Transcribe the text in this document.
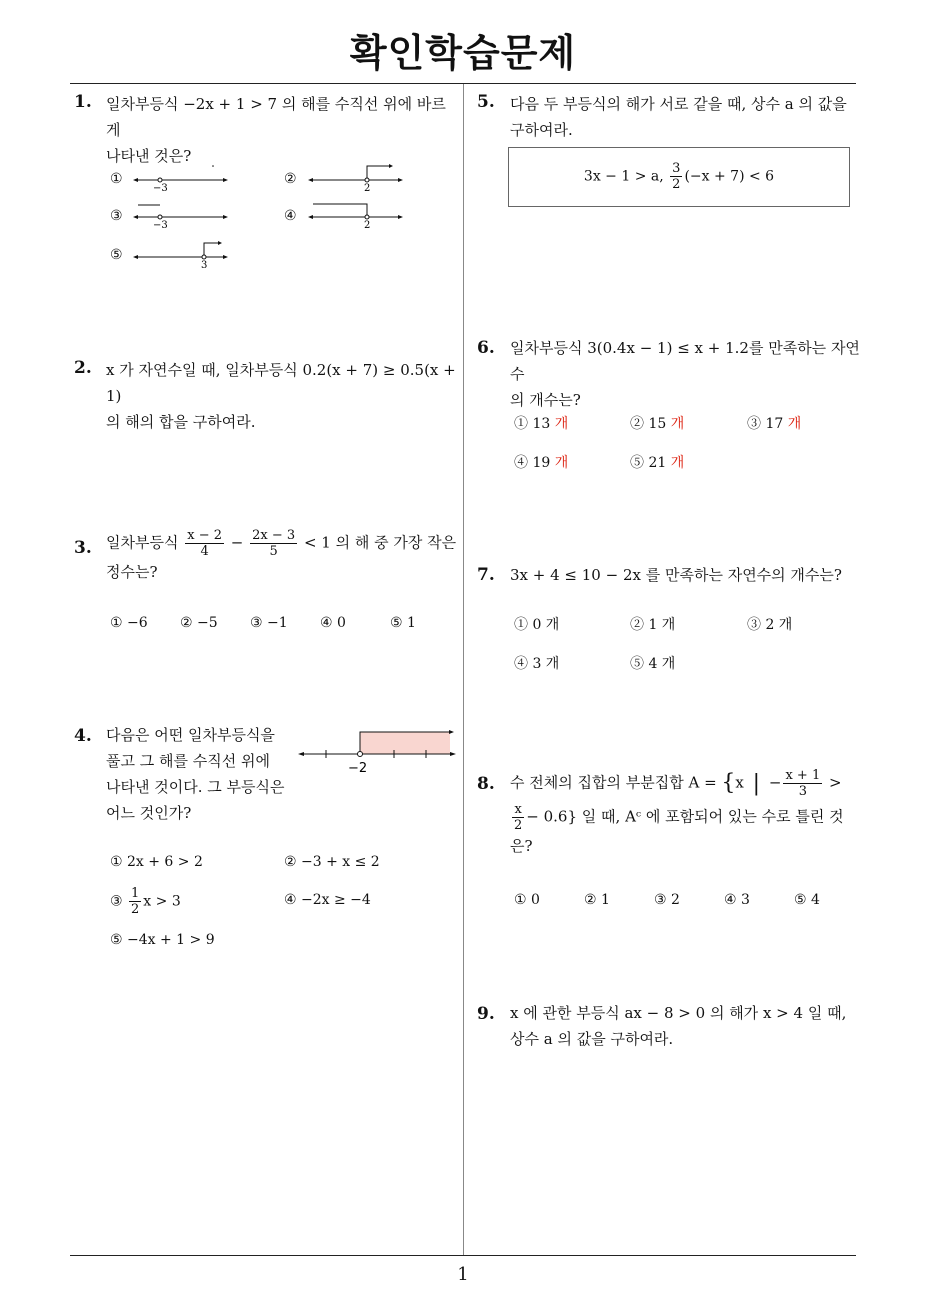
확인학습문제
1
1. 일차부등식 −2x + 1 > 7 의 해를 수직선 위에 바르게
나타낸 것은?
①	②
③	④
⑤
−3	2
−3	2
3
2. x 가 자연수일 때, 일차부등식 0.2(x + 7) ≥ 0.5(x + 1)
의 해의 합을 구하여라.
3. 일차부등식 $\frac{x - 2}{4} - \frac{2x - 3}{5} < 1$ 의 해 중 가장 작은
정수는?
① −6 ② −5 ③ −1 ④ 0	⑤ 1
4. 다음은 어떤 일차부등식을
풀고 그 해를 수직선 위에
나타낸 것이다. 그 부등식은
어느 것인가?
−2
① 2x + 6 > 2	② −3 + x ≤ 2
③ $\frac{1}{2}$ x > 3	④ −2x ≥ −4
⑤ −4x + 1 > 9
5. 다음 두 부등식의 해가 서로 같을 때, 상수 a 의 값을
구하여라.
3x − 1 > a, $\frac{3}{2} (-x + 7) < 6$
6. 일차부등식 3(0.4x − 1) ≤ x + 1.2를 만족하는 자연수
의 개수는?
① 13 개	② 15 개	③ 17 개
④ 19 개	⑤ 21 개
7. 3x + 4 ≤ 10 − 2x 를 만족하는 자연수의 개수는?
① 0 개	② 1 개	③ 2 개
④ 3 개	⑤ 4 개
8. 수 전체의 집합의 부분집합 A = {x | − $\frac{x + 1}{3}$ >
$\frac{x}{2} - 0.6$} 일 때, Aᶜ 에 포함되어 있는 수로 틀린 것
은?
① 0	② 1	③ 2	④ 3	⑤ 4
9. x 에 관한 부등식 ax − 8 > 0 의 해가 x > 4 일 때,
상수 a 의 값을 구하여라.
